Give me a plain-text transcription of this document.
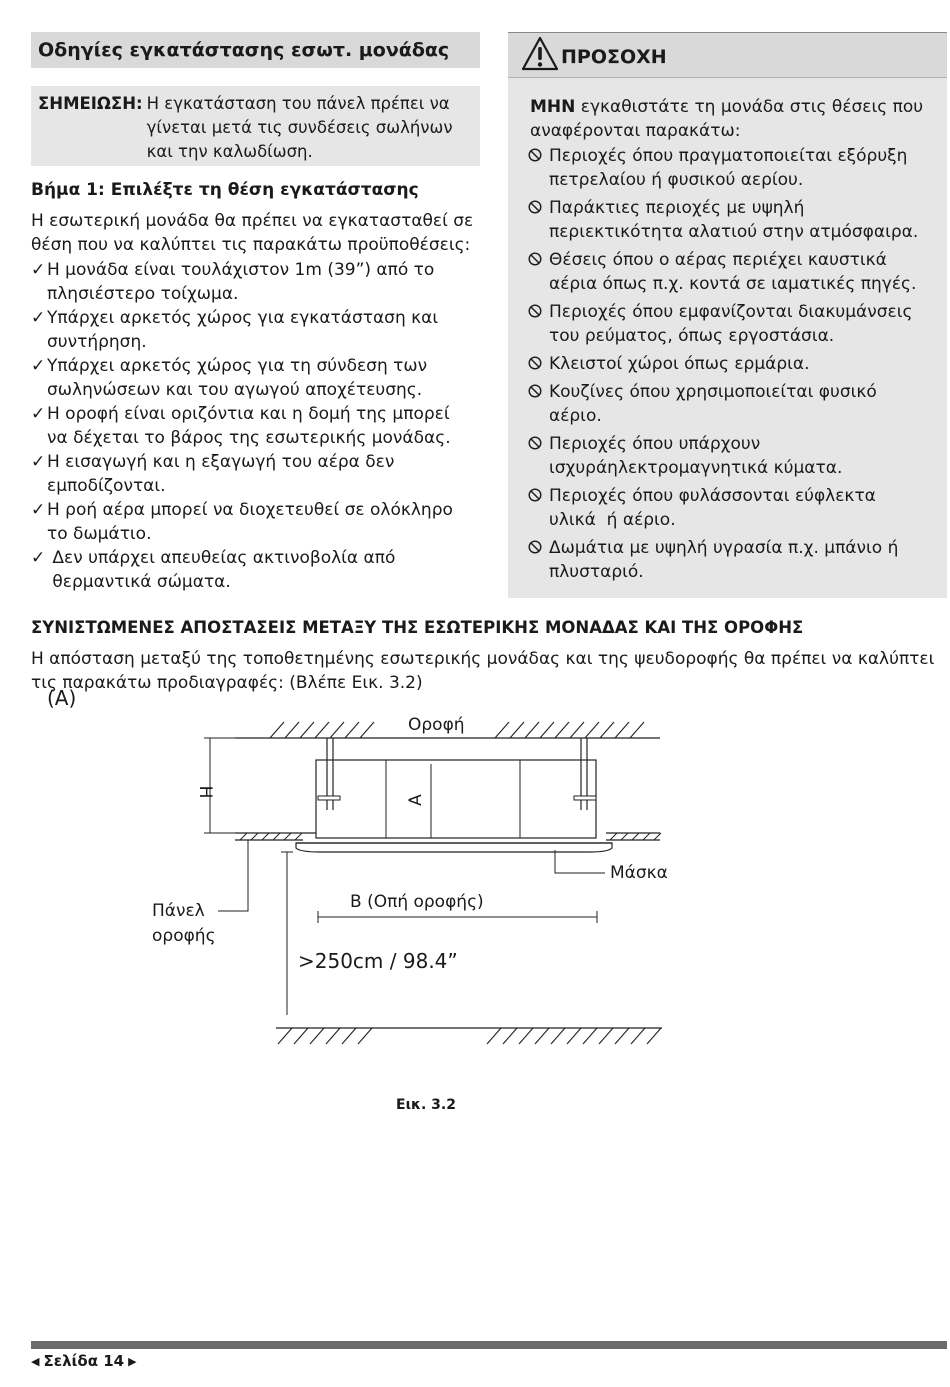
Οδηγίες εγκατάστασης εσωτ. μονάδας
ΣΗΜΕΙΩΣΗ: Η εγκατάσταση του πάνελ πρέπει να
γίνεται μετά τις συνδέσεις σωλήνων
και την καλωδίωση.
Βήμα 1: Επιλέξτε τη θέση εγκατάστασης
Η εσωτερική μονάδα θα πρέπει να εγκατασταθεί σε
θέση που να καλύπτει τις παρακάτω προϋποθέσεις:
✓ Η μονάδα είναι τουλάχιστον 1m (39”) από το
πλησιέστερο τοίχωμα.
✓ Υπάρχει αρκετός χώρος για εγκατάσταση και
συντήρηση.
✓ Υπάρχει αρκετός χώρος για τη σύνδεση των
σωληνώσεων και του αγωγού αποχέτευσης.
✓ Η οροφή είναι οριζόντια και η δομή της μπορεί
να δέχεται το βάρος της εσωτερικής μονάδας.
✓ Η εισαγωγή και η εξαγωγή του αέρα δεν
εμποδίζονται.
✓ Η ροή αέρα μπορεί να διοχετευθεί σε ολόκληρο
το δωμάτιο.
✓ Δεν υπάρχει απευθείας ακτινοβολία από
θερμαντικά σώματα.
ΠΡΟΣΟΧΗ
ΜΗΝ εγκαθιστάτε τη μονάδα στις θέσεις που
αναφέρονται παρακάτω:
Περιοχές όπου πραγματοποιείται εξόρυξη
πετρελαίου ή φυσικού αερίου.
Παράκτιες περιοχές με υψηλή
περιεκτικότητα αλατιού στην ατμόσφαιρα.
Θέσεις όπου ο αέρας περιέχει καυστικά
αέρια όπως π.χ. κοντά σε ιαματικές πηγές.
Περιοχές όπου εμφανίζονται διακυμάνσεις
του ρεύματος, όπως εργοστάσια.
Κλειστοί χώροι όπως ερμάρια.
Κουζίνες όπου χρησιμοποιείται φυσικό
αέριο.
Περιοχές όπου υπάρχουν
ισχυράηλεκτρομαγνητικά κύματα.
Περιοχές όπου φυλάσσονται εύφλεκτα
υλικά  ή αέριο.
Δωμάτια με υψηλή υγρασία π.χ. μπάνιο ή
πλυσταριό.
ΣΥΝΙΣΤΩΜΕΝΕΣ ΑΠΟΣΤΑΣΕΙΣ ΜΕΤΑΞΥ ΤΗΣ ΕΣΩΤΕΡΙΚΗΣ ΜΟΝΑΔΑΣ ΚΑΙ ΤΗΣ ΟΡΟΦΗΣ
Η απόσταση μεταξύ της τοποθετημένης εσωτερικής μονάδας και της ψευδοροφής θα πρέπει να καλύπτει
τις παρακάτω προδιαγραφές: (Βλέπε Εικ. 3.2)
(A)
Οροφή
H
A
Μάσκα
Πάνελ
οροφής
B (Οπή οροφής)
>250cm / 98.4”
Εικ. 3.2
◀ Σελίδα 14 ▶
